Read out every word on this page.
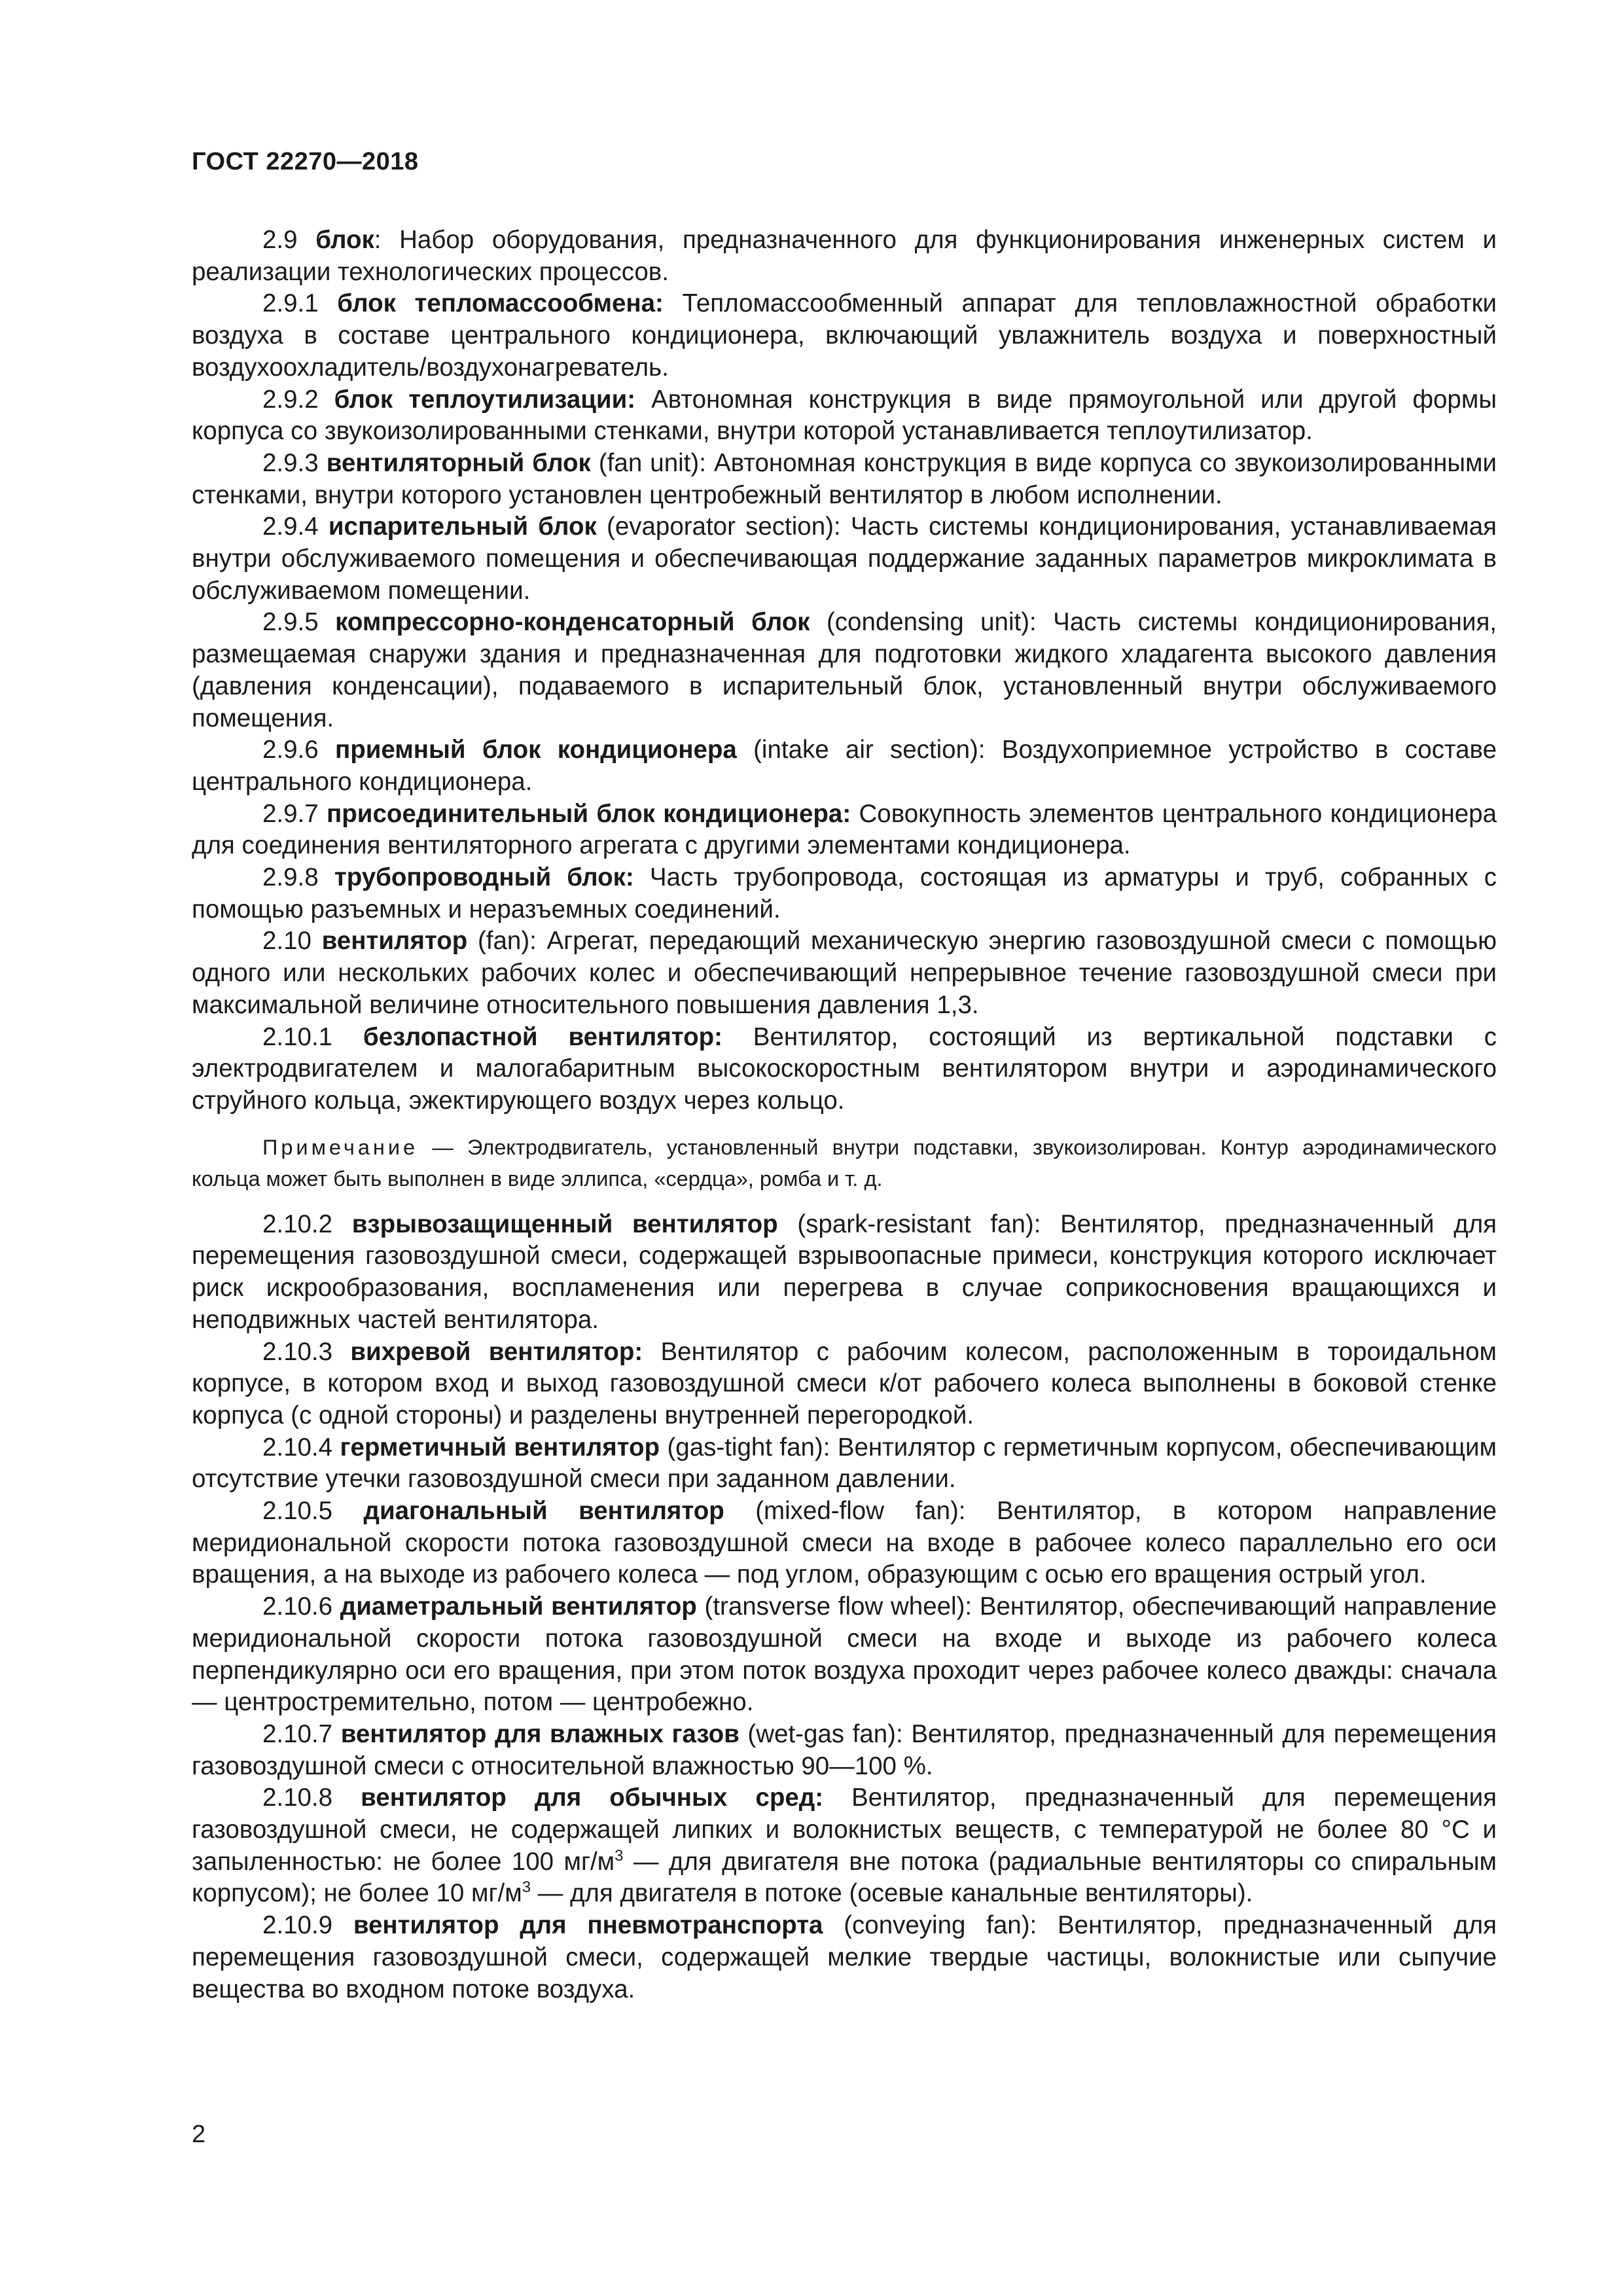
ГОСТ 22270—2018

2.9 блок: Набор оборудования, предназначенного для функционирования инженерных систем и реализации технологических процессов.

2.9.1 блок тепломассообмена: Тепломассообменный аппарат для тепловлажностной обработки воздуха в составе центрального кондиционера, включающий увлажнитель воздуха и поверхностный воздухоохладитель/воздухонагреватель.

2.9.2 блок теплоутилизации: Автономная конструкция в виде прямоугольной или другой формы корпуса со звукоизолированными стенками, внутри которой устанавливается теплоутилизатор.

2.9.3 вентиляторный блок (fan unit): Автономная конструкция в виде корпуса со звукоизолированными стенками, внутри которого установлен центробежный вентилятор в любом исполнении.

2.9.4 испарительный блок (evaporator section): Часть системы кондиционирования, устанавливаемая внутри обслуживаемого помещения и обеспечивающая поддержание заданных параметров микроклимата в обслуживаемом помещении.

2.9.5 компрессорно-конденсаторный блок (condensing unit): Часть системы кондиционирования, размещаемая снаружи здания и предназначенная для подготовки жидкого хладагента высокого давления (давления конденсации), подаваемого в испарительный блок, установленный внутри обслуживаемого помещения.

2.9.6 приемный блок кондиционера (intake air section): Воздухоприемное устройство в составе центрального кондиционера.

2.9.7 присоединительный блок кондиционера: Совокупность элементов центрального кондиционера для соединения вентиляторного агрегата с другими элементами кондиционера.

2.9.8 трубопроводный блок: Часть трубопровода, состоящая из арматуры и труб, собранных с помощью разъемных и неразъемных соединений.

2.10 вентилятор (fan): Агрегат, передающий механическую энергию газовоздушной смеси с помощью одного или нескольких рабочих колес и обеспечивающий непрерывное течение газовоздушной смеси при максимальной величине относительного повышения давления 1,3.

2.10.1 безлопастной вентилятор: Вентилятор, состоящий из вертикальной подставки с электродвигателем и малогабаритным высокоскоростным вентилятором внутри и аэродинамического струйного кольца, эжектирующего воздух через кольцо.

Примечание — Электродвигатель, установленный внутри подставки, звукоизолирован. Контур аэродинамического кольца может быть выполнен в виде эллипса, «сердца», ромба и т. д.

2.10.2 взрывозащищенный вентилятор (spark-resistant fan): Вентилятор, предназначенный для перемещения газовоздушной смеси, содержащей взрывоопасные примеси, конструкция которого исключает риск искрообразования, воспламенения или перегрева в случае соприкосновения вращающихся и неподвижных частей вентилятора.

2.10.3 вихревой вентилятор: Вентилятор с рабочим колесом, расположенным в тороидальном корпусе, в котором вход и выход газовоздушной смеси к/от рабочего колеса выполнены в боковой стенке корпуса (с одной стороны) и разделены внутренней перегородкой.

2.10.4 герметичный вентилятор (gas-tight fan): Вентилятор с герметичным корпусом, обеспечивающим отсутствие утечки газовоздушной смеси при заданном давлении.

2.10.5 диагональный вентилятор (mixed-flow fan): Вентилятор, в котором направление меридиональной скорости потока газовоздушной смеси на входе в рабочее колесо параллельно его оси вращения, а на выходе из рабочего колеса — под углом, образующим с осью его вращения острый угол.

2.10.6 диаметральный вентилятор (transverse flow wheel): Вентилятор, обеспечивающий направление меридиональной скорости потока газовоздушной смеси на входе и выходе из рабочего колеса перпендикулярно оси его вращения, при этом поток воздуха проходит через рабочее колесо дважды: сначала — центростремительно, потом — центробежно.

2.10.7 вентилятор для влажных газов (wet-gas fan): Вентилятор, предназначенный для перемещения газовоздушной смеси с относительной влажностью 90—100 %.

2.10.8 вентилятор для обычных сред: Вентилятор, предназначенный для перемещения газовоздушной смеси, не содержащей липких и волокнистых веществ, с температурой не более 80 °С и запыленностью: не более 100 $мг/м^3$ — для двигателя вне потока (радиальные вентиляторы со спиральным корпусом); не более 10 $мг/м^3$ — для двигателя в потоке (осевые канальные вентиляторы).

2.10.9 вентилятор для пневмотранспорта (conveying fan): Вентилятор, предназначенный для перемещения газовоздушной смеси, содержащей мелкие твердые частицы, волокнистые или сыпучие вещества во входном потоке воздуха.

2
